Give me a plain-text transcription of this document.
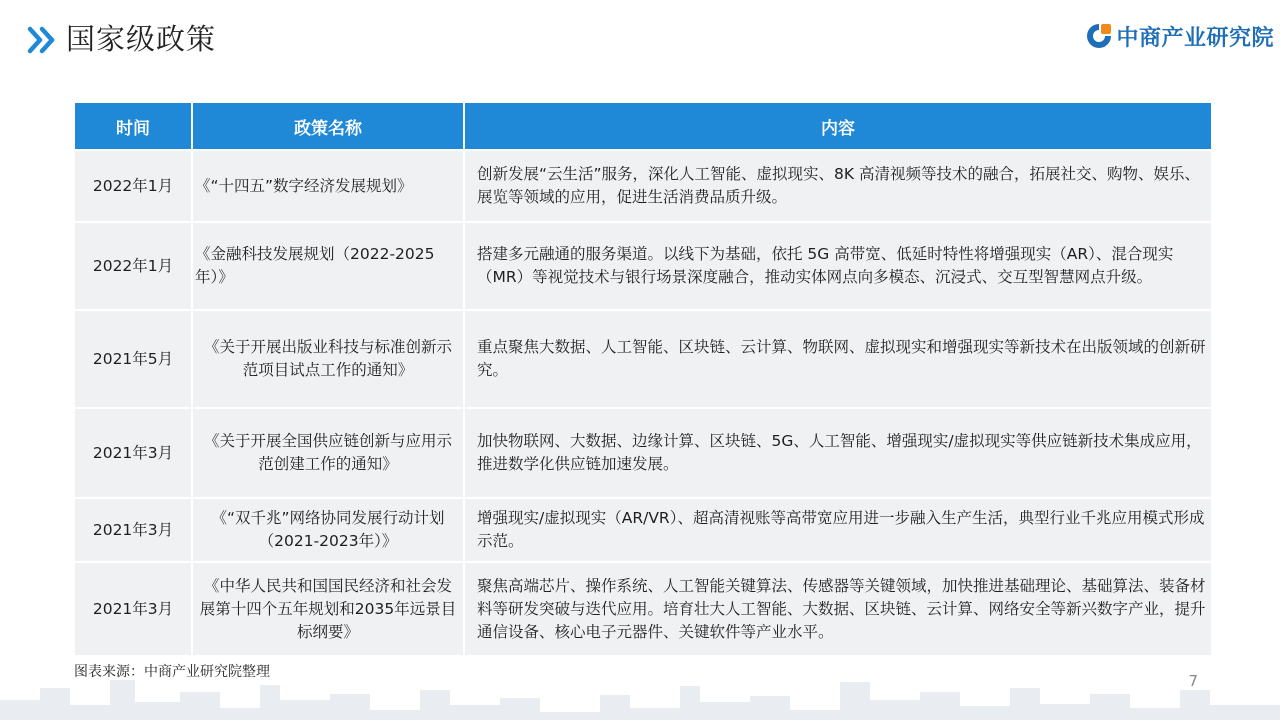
国家级政策	中商产业研究院
时间	政策名称	内容
2022年1月	《“十四五”数字经济发展规划》	创新发展“云生活”服务，深化人工智能、虚拟现实、8K 高清视频等技术的融合，拓展社交、购物、娱乐、展览等领域的应用，促进生活消费品质升级。
2022年1月	《金融科技发展规划（2022-2025 年）》	搭建多元融通的服务渠道。以线下为基础，依托 5G 高带宽、低延时特性将增强现实（AR）、混合现实（MR）等视觉技术与银行场景深度融合，推动实体网点向多模态、沉浸式、交互型智慧网点升级。
2021年5月	《关于开展出版业科技与标准创新示范项目试点工作的通知》	重点聚焦大数据、人工智能、区块链、云计算、物联网、虚拟现实和增强现实等新技术在出版领域的创新研究。
2021年3月	《关于开展全国供应链创新与应用示范创建工作的通知》	加快物联网、大数据、边缘计算、区块链、5G、人工智能、增强现实/虚拟现实等供应链新技术集成应用，推进数学化供应链加速发展。
2021年3月	《“双千兆”网络协同发展行动计划（2021-2023年）》	增强现实/虚拟现实（AR/VR）、超高清视账等高带宽应用进一步融入生产生活，典型行业千兆应用模式形成示范。
2021年3月	《中华人民共和国国民经济和社会发展第十四个五年规划和2035年远景目标纲要》	聚焦高端芯片、操作系统、人工智能关键算法、传感器等关键领域，加快推进基础理论、基础算法、装备材料等研发突破与迭代应用。培育壮大人工智能、大数据、区块链、云计算、网络安全等新兴数字产业，提升通信设备、核心电子元器件、关键软件等产业水平。
图表来源：中商产业研究院整理	7
